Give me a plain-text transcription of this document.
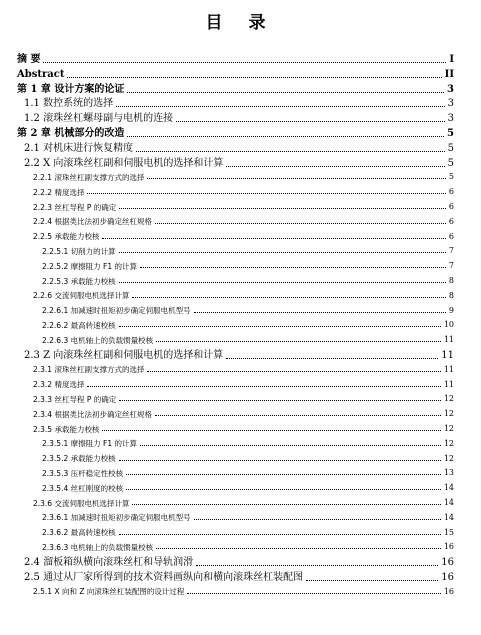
目 录
摘 要	I
Abstract	II
第 1 章 设计方案的论证	3
1.1 数控系统的选择	3
1.2 滚珠丝杠螺母副与电机的连接	3
第 2 章 机械部分的改造	5
2.1 对机床进行恢复精度	5
2.2 X 向滚珠丝杠副和伺服电机的选择和计算	5
2.2.1 滚珠丝杠副支撑方式的选择	5
2.2.2 精度选择	6
2.2.3 丝杠导程 P 的确定	6
2.2.4 根据类比法初步确定丝杠规格	6
2.2.5 承载能力校核	6
2.2.5.1 切削力的计算	7
2.2.5.2 摩擦阻力 F1 的计算	7
2.2.5.3 承载能力校核	8
2.2.6 交流伺服电机选择计算	8
2.2.6.1 加减速时扭矩初步确定伺服电机型号	9
2.2.6.2 最高转速校核	10
2.2.6.3 电机轴上的负载惯量校核	11
2.3 Z 向滚珠丝杠副和伺服电机的选择和计算	11
2.3.1 滚珠丝杠副支撑方式的选择	11
2.3.2 精度选择	11
2.3.3 丝杠导程 P 的确定	12
2.3.4 根据类比法初步确定丝杠规格	12
2.3.5 承载能力校核	12
2.3.5.1 摩擦阻力 F1 的计算	12
2.3.5.2 承载能力校核	12
2.3.5.3 压杆稳定性校核	13
2.3.5.4 丝杠刚度的校核	14
2.3.6 交流伺服电机选择计算	14
2.3.6.1 加减速时扭矩初步确定伺服电机型号	14
2.3.6.2 最高转速校核	15
2.3.6.3 电机轴上的负载惯量校核	16
2.4 溜板箱纵横向滚珠丝杠和导轨润滑	16
2.5 通过从厂家所得到的技术资料画纵向和横向滚珠丝杠装配图	16
2.5.1 X 向和 Z 向滚珠丝杠装配图的设计过程	16
